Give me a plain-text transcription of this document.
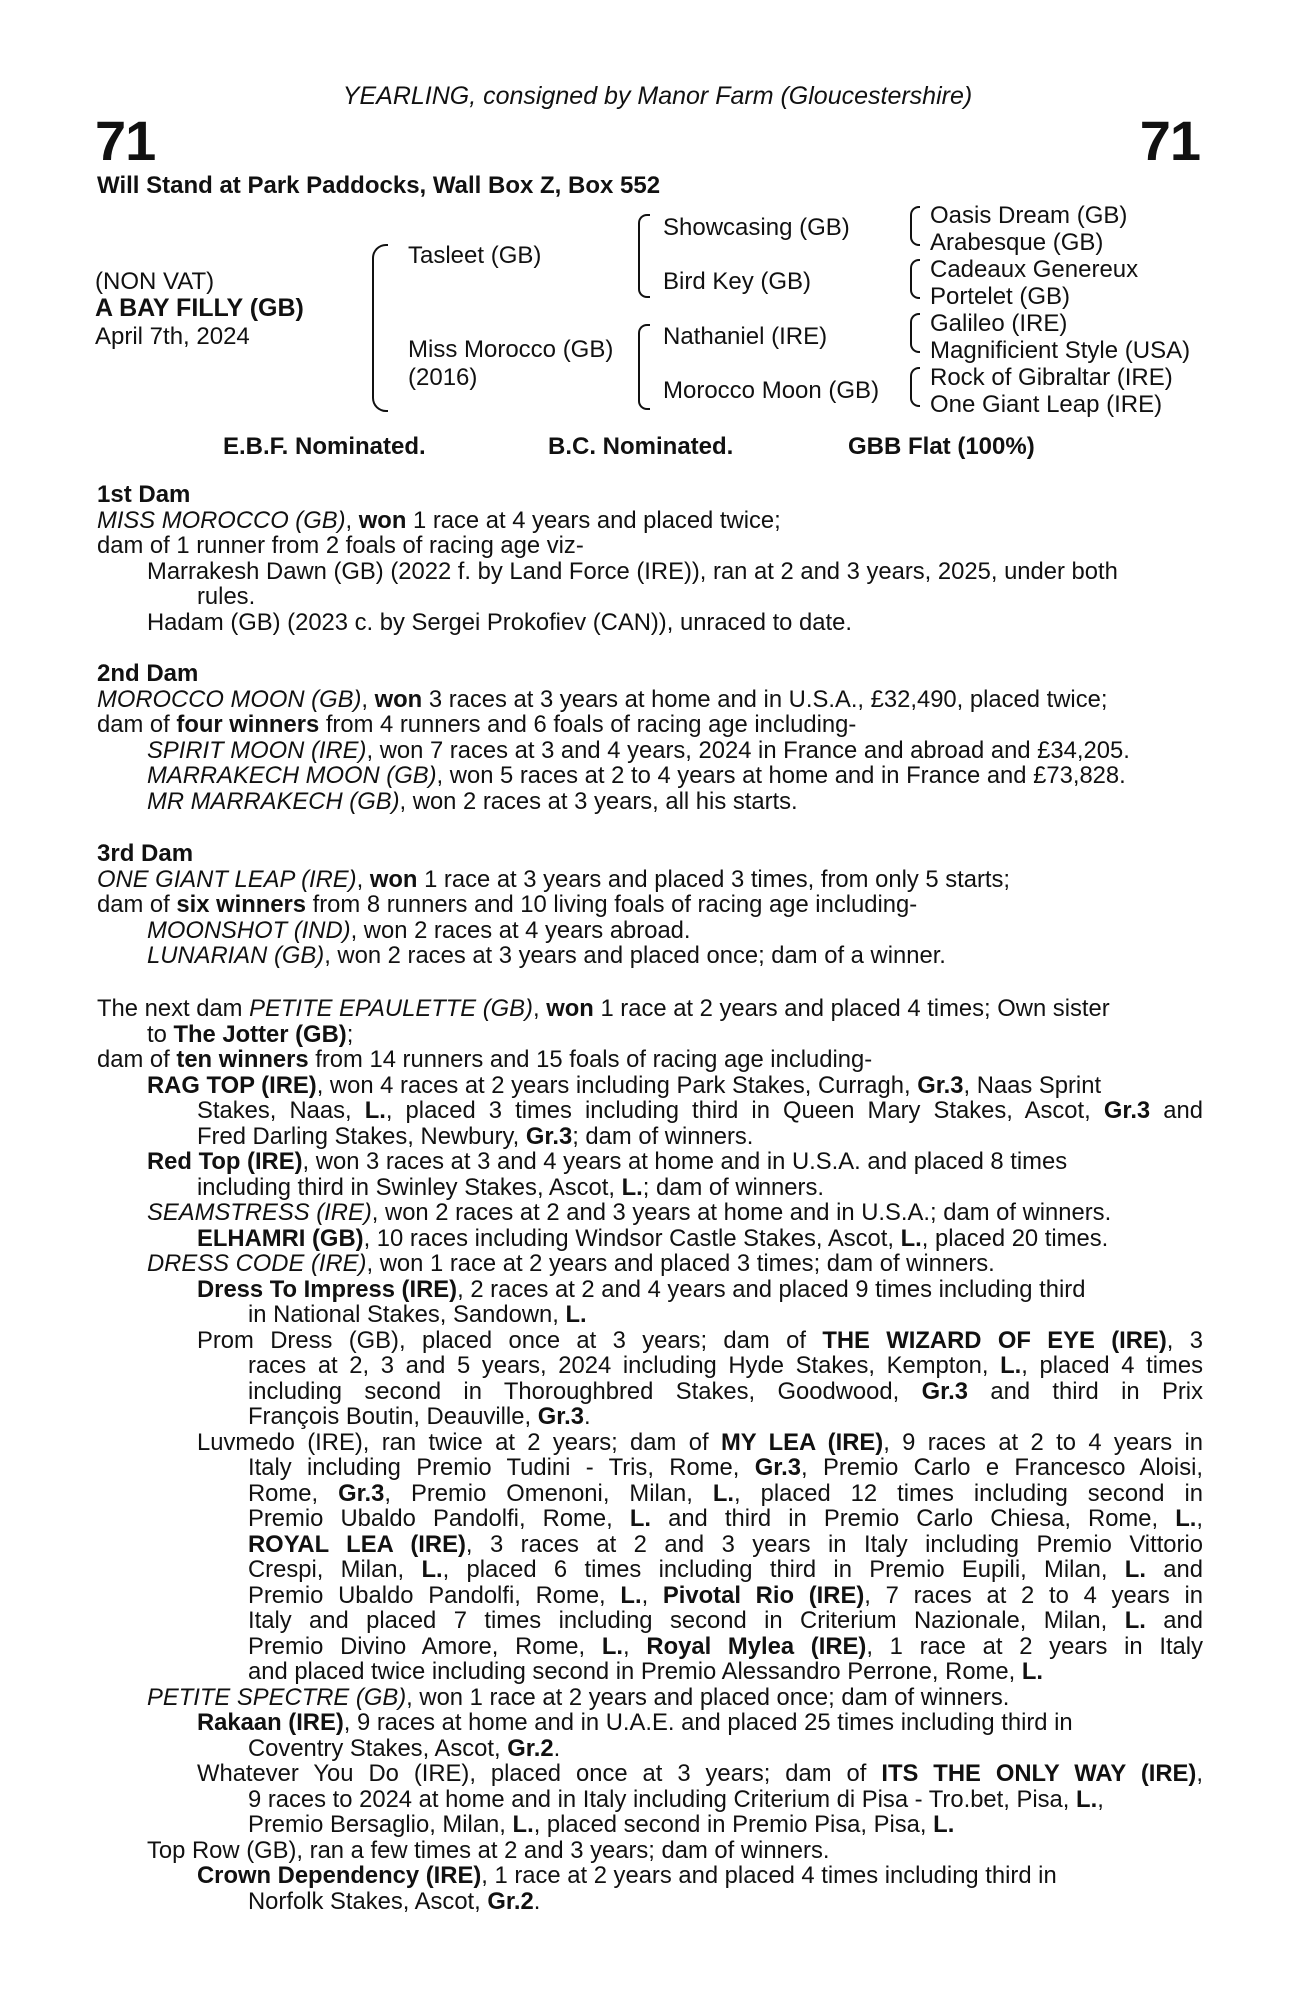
YEARLING, consigned by Manor Farm (Gloucestershire)
71	71
Will Stand at Park Paddocks, Wall Box Z, Box 552
(NON VAT)
A BAY FILLY (GB)
April 7th, 2024
Tasleet (GB)
Miss Morocco (GB)
(2016)
Showcasing (GB)
Bird Key (GB)
Nathaniel (IRE)
Morocco Moon (GB)
Oasis Dream (GB)
Arabesque (GB)
Cadeaux Genereux
Portelet (GB)
Galileo (IRE)
Magnificient Style (USA)
Rock of Gibraltar (IRE)
One Giant Leap (IRE)
E.B.F. Nominated.	B.C. Nominated.	GBB Flat (100%)
1st Dam
MISS MOROCCO (GB), won 1 race at 4 years and placed twice;
dam of 1 runner from 2 foals of racing age viz-
Marrakesh Dawn (GB) (2022 f. by Land Force (IRE)), ran at 2 and 3 years, 2025, under both
rules.
Hadam (GB) (2023 c. by Sergei Prokofiev (CAN)), unraced to date.
2nd Dam
MOROCCO MOON (GB), won 3 races at 3 years at home and in U.S.A., £32,490, placed twice;
dam of four winners from 4 runners and 6 foals of racing age including-
SPIRIT MOON (IRE), won 7 races at 3 and 4 years, 2024 in France and abroad and £34,205.
MARRAKECH MOON (GB), won 5 races at 2 to 4 years at home and in France and £73,828.
MR MARRAKECH (GB), won 2 races at 3 years, all his starts.
3rd Dam
ONE GIANT LEAP (IRE), won 1 race at 3 years and placed 3 times, from only 5 starts;
dam of six winners from 8 runners and 10 living foals of racing age including-
MOONSHOT (IND), won 2 races at 4 years abroad.
LUNARIAN (GB), won 2 races at 3 years and placed once; dam of a winner.
The next dam PETITE EPAULETTE (GB), won 1 race at 2 years and placed 4 times; Own sister
to The Jotter (GB);
dam of ten winners from 14 runners and 15 foals of racing age including-
RAG TOP (IRE), won 4 races at 2 years including Park Stakes, Curragh, Gr.3, Naas Sprint
Stakes, Naas, L., placed 3 times including third in Queen Mary Stakes, Ascot, Gr.3 and
Fred Darling Stakes, Newbury, Gr.3; dam of winners.
Red Top (IRE), won 3 races at 3 and 4 years at home and in U.S.A. and placed 8 times
including third in Swinley Stakes, Ascot, L.; dam of winners.
SEAMSTRESS (IRE), won 2 races at 2 and 3 years at home and in U.S.A.; dam of winners.
ELHAMRI (GB), 10 races including Windsor Castle Stakes, Ascot, L., placed 20 times.
DRESS CODE (IRE), won 1 race at 2 years and placed 3 times; dam of winners.
Dress To Impress (IRE), 2 races at 2 and 4 years and placed 9 times including third
in National Stakes, Sandown, L.
Prom Dress (GB), placed once at 3 years; dam of THE WIZARD OF EYE (IRE), 3
races at 2, 3 and 5 years, 2024 including Hyde Stakes, Kempton, L., placed 4 times
including second in Thoroughbred Stakes, Goodwood, Gr.3 and third in Prix
François Boutin, Deauville, Gr.3.
Luvmedo (IRE), ran twice at 2 years; dam of MY LEA (IRE), 9 races at 2 to 4 years in
Italy including Premio Tudini - Tris, Rome, Gr.3, Premio Carlo e Francesco Aloisi,
Rome, Gr.3, Premio Omenoni, Milan, L., placed 12 times including second in
Premio Ubaldo Pandolfi, Rome, L. and third in Premio Carlo Chiesa, Rome, L.,
ROYAL LEA (IRE), 3 races at 2 and 3 years in Italy including Premio Vittorio
Crespi, Milan, L., placed 6 times including third in Premio Eupili, Milan, L. and
Premio Ubaldo Pandolfi, Rome, L., Pivotal Rio (IRE), 7 races at 2 to 4 years in
Italy and placed 7 times including second in Criterium Nazionale, Milan, L. and
Premio Divino Amore, Rome, L., Royal Mylea (IRE), 1 race at 2 years in Italy
and placed twice including second in Premio Alessandro Perrone, Rome, L.
PETITE SPECTRE (GB), won 1 race at 2 years and placed once; dam of winners.
Rakaan (IRE), 9 races at home and in U.A.E. and placed 25 times including third in
Coventry Stakes, Ascot, Gr.2.
Whatever You Do (IRE), placed once at 3 years; dam of ITS THE ONLY WAY (IRE),
9 races to 2024 at home and in Italy including Criterium di Pisa - Tro.bet, Pisa, L.,
Premio Bersaglio, Milan, L., placed second in Premio Pisa, Pisa, L.
Top Row (GB), ran a few times at 2 and 3 years; dam of winners.
Crown Dependency (IRE), 1 race at 2 years and placed 4 times including third in
Norfolk Stakes, Ascot, Gr.2.
